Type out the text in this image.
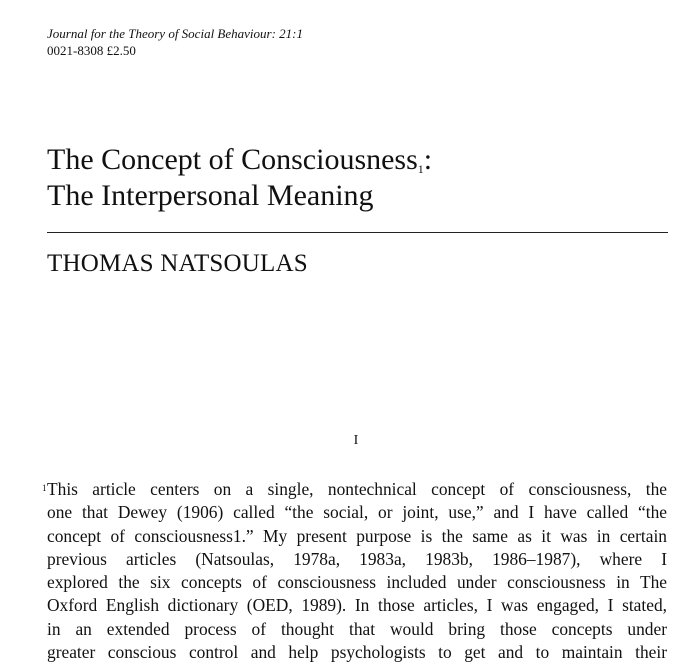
Journal for the Theory of Social Behaviour: 21:1
0021-8308 £2.50
The Concept of Consciousness$_1$:
The Interpersonal Meaning
THOMAS NATSOULAS
I
1 This article centers on a single, nontechnical concept of consciousness, the
one that Dewey (1906) called “the social, or joint, use,” and I have called “the
concept of consciousness1.” My present purpose is the same as it was in certain
previous articles (Natsoulas, 1978a, 1983a, 1983b, 1986–1987), where I
explored the six concepts of consciousness included under consciousness in The
Oxford English dictionary (OED, 1989). In those articles, I was engaged, I stated,
in an extended process of thought that would bring those concepts under
greater conscious control and help psychologists to get and to maintain their
